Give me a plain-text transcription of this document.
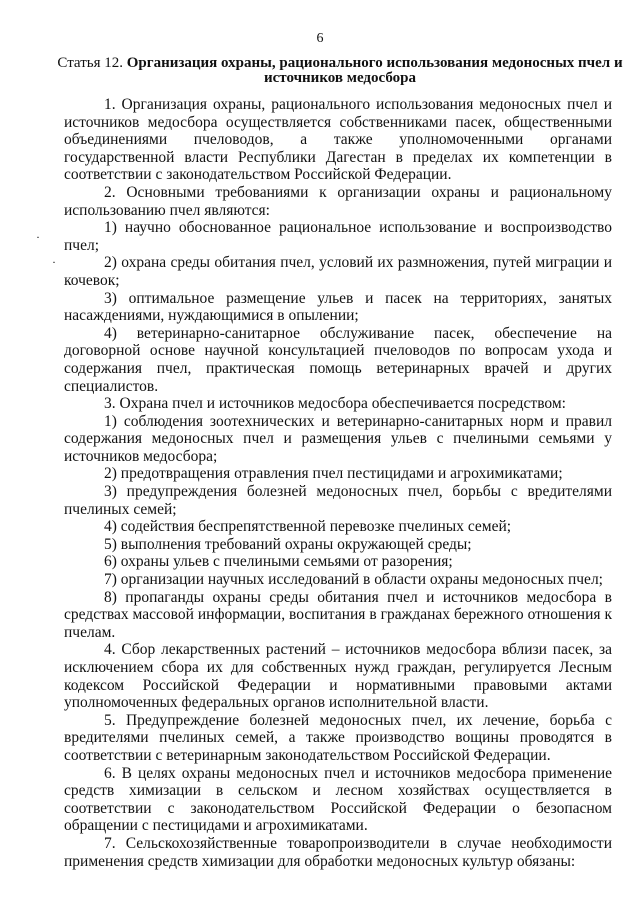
6
Статья 12. Организация охраны, рационального использования медоносных пчел и источников медосбора
·
·

1. Организация охраны, рационального использования медоносных пчел и источников медосбора осуществляется собственниками пасек, общественными объединениями пчеловодов, а также уполномоченными органами государственной власти Республики Дагестан в пределах их компетенции в соответствии с законодательством Российской Федерации.

2. Основными требованиями к организации охраны и рациональному использованию пчел являются:

1) научно обоснованное рациональное использование и воспроизводство пчел;

2) охрана среды обитания пчел, условий их размножения, путей миграции и кочевок;

3) оптимальное размещение ульев и пасек на территориях, занятых насаждениями, нуждающимися в опылении;

4) ветеринарно-санитарное обслуживание пасек, обеспечение на договорной основе научной консультацией пчеловодов по вопросам ухода и содержания пчел, практическая помощь ветеринарных врачей и других специалистов.

3. Охрана пчел и источников медосбора обеспечивается посредством:

1) соблюдения зоотехнических и ветеринарно-санитарных норм и правил содержания медоносных пчел и размещения ульев с пчелиными семьями у источников медосбора;

2) предотвращения отравления пчел пестицидами и агрохимикатами;

3) предупреждения болезней медоносных пчел, борьбы с вредителями пчелиных семей;

4) содействия беспрепятственной перевозке пчелиных семей;

5) выполнения требований охраны окружающей среды;

6) охраны ульев с пчелиными семьями от разорения;

7) организации научных исследований в области охраны медоносных пчел;

8) пропаганды охраны среды обитания пчел и источников медосбора в средствах массовой информации, воспитания в гражданах бережного отношения к пчелам.

4. Сбор лекарственных растений – источников медосбора вблизи пасек, за исключением сбора их для собственных нужд граждан, регулируется Лесным кодексом Российской Федерации и нормативными правовыми актами уполномоченных федеральных органов исполнительной власти.

5. Предупреждение болезней медоносных пчел, их лечение, борьба с вредителями пчелиных семей, а также производство вощины проводятся в соответствии с ветеринарным законодательством Российской Федерации.

6. В целях охраны медоносных пчел и источников медосбора применение средств химизации в сельском и лесном хозяйствах осуществляется в соответствии с законодательством Российской Федерации о безопасном обращении с пестицидами и агрохимикатами.

7. Сельскохозяйственные товаропроизводители в случае необходимости применения средств химизации для обработки медоносных культур обязаны:
